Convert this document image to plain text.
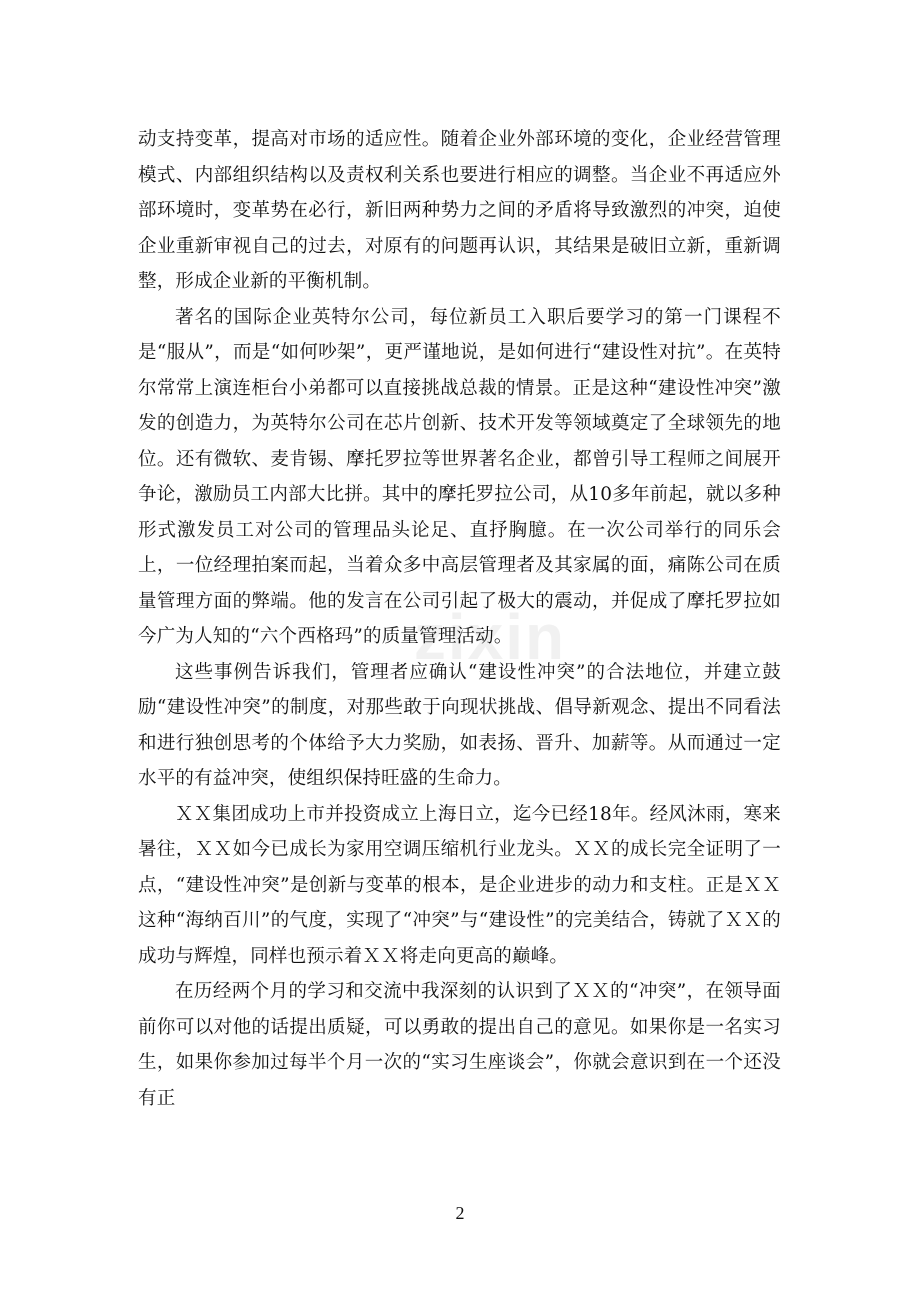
zixin

动支持变革，提高对市场的适应性。随着企业外部环境的变化，企业经营管理模式、内部组织结构以及责权利关系也要进行相应的调整。当企业不再适应外部环境时，变革势在必行，新旧两种势力之间的矛盾将导致激烈的冲突，迫使企业重新审视自己的过去，对原有的问题再认识，其结果是破旧立新，重新调整，形成企业新的平衡机制。

著名的国际企业英特尔公司，每位新员工入职后要学习的第一门课程不是“服从”，而是“如何吵架”，更严谨地说，是如何进行“建设性对抗”。在英特尔常常上演连柜台小弟都可以直接挑战总裁的情景。正是这种“建设性冲突”激发的创造力，为英特尔公司在芯片创新、技术开发等领域奠定了全球领先的地位。还有微软、麦肯锡、摩托罗拉等世界著名企业，都曾引导工程师之间展开争论，激励员工内部大比拼。其中的摩托罗拉公司，从10多年前起，就以多种形式激发员工对公司的管理品头论足、直抒胸臆。在一次公司举行的同乐会上，一位经理拍案而起，当着众多中高层管理者及其家属的面，痛陈公司在质量管理方面的弊端。他的发言在公司引起了极大的震动，并促成了摩托罗拉如今广为人知的“六个西格玛”的质量管理活动。

这些事例告诉我们，管理者应确认“建设性冲突”的合法地位，并建立鼓励“建设性冲突”的制度，对那些敢于向现状挑战、倡导新观念、提出不同看法和进行独创思考的个体给予大力奖励，如表扬、晋升、加薪等。从而通过一定水平的有益冲突，使组织保持旺盛的生命力。

ＸＸ集团成功上市并投资成立上海日立，迄今已经18年。经风沐雨，寒来暑往，ＸＸ如今已成长为家用空调压缩机行业龙头。ＸＸ的成长完全证明了一点，“建设性冲突”是创新与变革的根本，是企业进步的动力和支柱。正是ＸＸ这种“海纳百川”的气度，实现了“冲突”与“建设性”的完美结合，铸就了ＸＸ的成功与辉煌，同样也预示着ＸＸ将走向更高的巅峰。

在历经两个月的学习和交流中我深刻的认识到了ＸＸ的“冲突”，在领导面前你可以对他的话提出质疑，可以勇敢的提出自己的意见。如果你是一名实习生，如果你参加过每半个月一次的“实习生座谈会”，你就会意识到在一个还没有正

2
